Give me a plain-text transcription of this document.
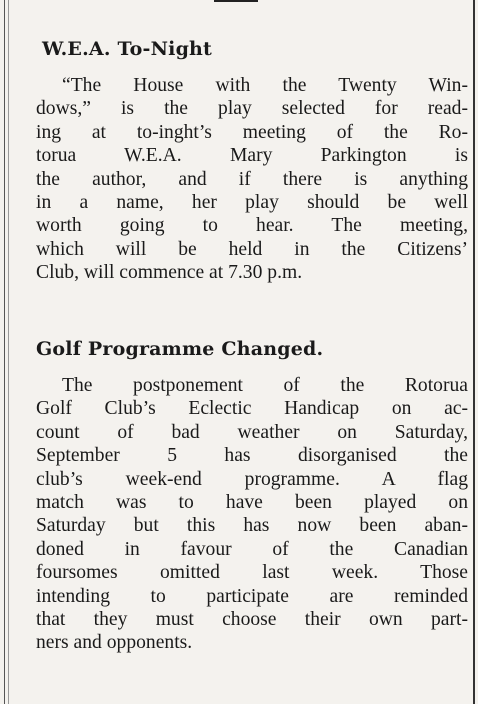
W.E.A. To-Night

“The House with the Twenty Win-
dows,” is the play selected for read-
ing at to-inght’s meeting of the Ro-
torua W.E.A. Mary Parkington is
the author, and if there is anything
in a name, her play should be well
worth going to hear. The meeting,
which will be held in the Citizens’
Club, will commence at 7.30 p.m.

Golf Programme Changed.

The postponement of the Rotorua
Golf Club’s Eclectic Handicap on ac-
count of bad weather on Saturday,
September 5 has disorganised the
club’s week-end programme. A flag
match was to have been played on
Saturday but this has now been aban-
doned in favour of the Canadian
foursomes omitted last week. Those
intending to participate are reminded
that they must choose their own part-
ners and opponents.
